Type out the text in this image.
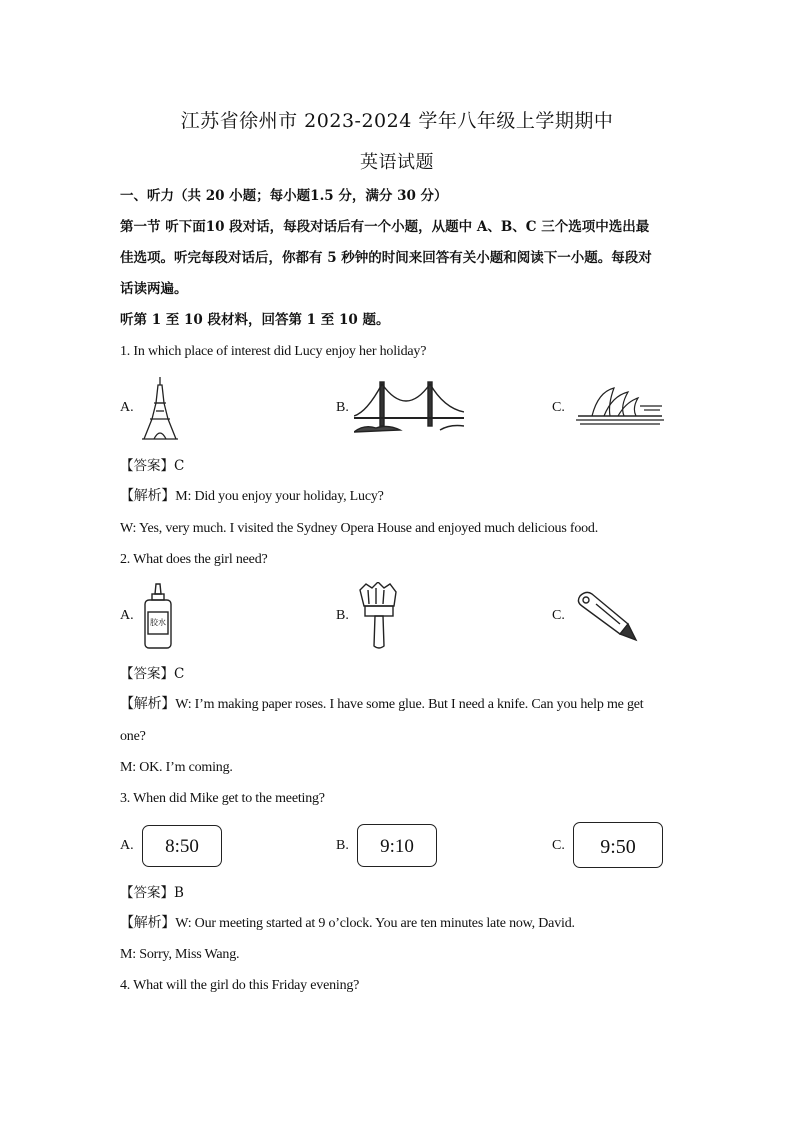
江苏省徐州市 2023-2024 学年八年级上学期期中
英语试题
一、听力（共 20 小题；每小题1.5 分，满分 30 分）
第一节 听下面10 段对话，每段对话后有一个小题，从题中 A、B、C 三个选项中选出最
佳选项。听完每段对话后，你都有 5 秒钟的时间来回答有关小题和阅读下一小题。每段对
话读两遍。
听第 1 至 10 段材料，回答第 1 至 10 题。
1. In which place of interest did Lucy enjoy her holiday?
A.	B.	C.
【答案】C
【解析】M: Did you enjoy your holiday, Lucy?
W: Yes, very much. I visited the Sydney Opera House and enjoyed much delicious food.
2. What does the girl need?
A. 胶水	B.	C.
【答案】C
【解析】W: I’m making paper roses. I have some glue. But I need a knife. Can you help me get
one?
M: OK. I’m coming.
3. When did Mike get to the meeting?
A.	8:50	B.	9:10	C.	9:50
【答案】B
【解析】W: Our meeting started at 9 o’clock. You are ten minutes late now, David.
M: Sorry, Miss Wang.
4. What will the girl do this Friday evening?
